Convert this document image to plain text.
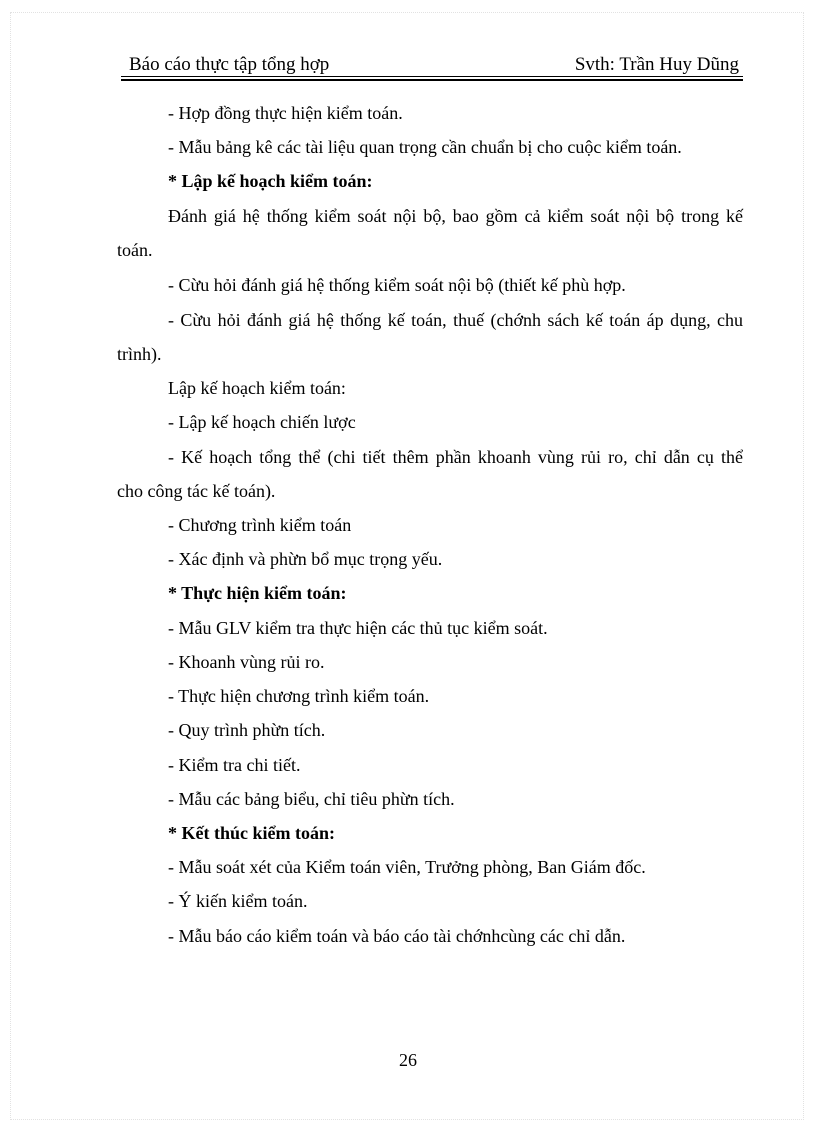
Báo cáo thực tập tổng hợp	Svth: Trần Huy Dũng
- Hợp đồng thực hiện kiểm toán.
- Mẫu bảng kê các tài liệu quan trọng cần chuẩn bị cho cuộc kiểm toán.
* Lập kế hoạch kiểm toán:
Đánh giá hệ thống kiểm soát nội bộ, bao gồm cả kiểm soát nội bộ trong kế
toán.
- Cừu hỏi đánh giá hệ thống kiểm soát nội bộ (thiết kế phù hợp.
- Cừu hỏi đánh giá hệ thống kế toán, thuế (chớnh sách kế toán áp dụng, chu
trình).
Lập kế hoạch kiểm toán:
- Lập kế hoạch chiến lược
- Kế hoạch tổng thể (chi tiết thêm phần khoanh vùng rủi ro, chỉ dẫn cụ thể
cho công tác kế toán).
- Chương trình kiểm toán
- Xác định và phừn bổ mục trọng yếu.
* Thực hiện kiểm toán:
- Mẫu GLV kiểm tra thực hiện các thủ tục kiểm soát.
- Khoanh vùng rủi ro.
- Thực hiện chương trình kiểm toán.
- Quy trình phừn tích.
- Kiểm tra chi tiết.
- Mẫu các bảng biểu, chỉ tiêu phừn tích.
* Kết thúc kiểm toán:
- Mẫu soát xét của Kiểm toán viên, Trưởng phòng, Ban Giám đốc.
- Ý kiến kiểm toán.
- Mẫu báo cáo kiểm toán và báo cáo tài chớnhcùng các chỉ dẫn.
26
